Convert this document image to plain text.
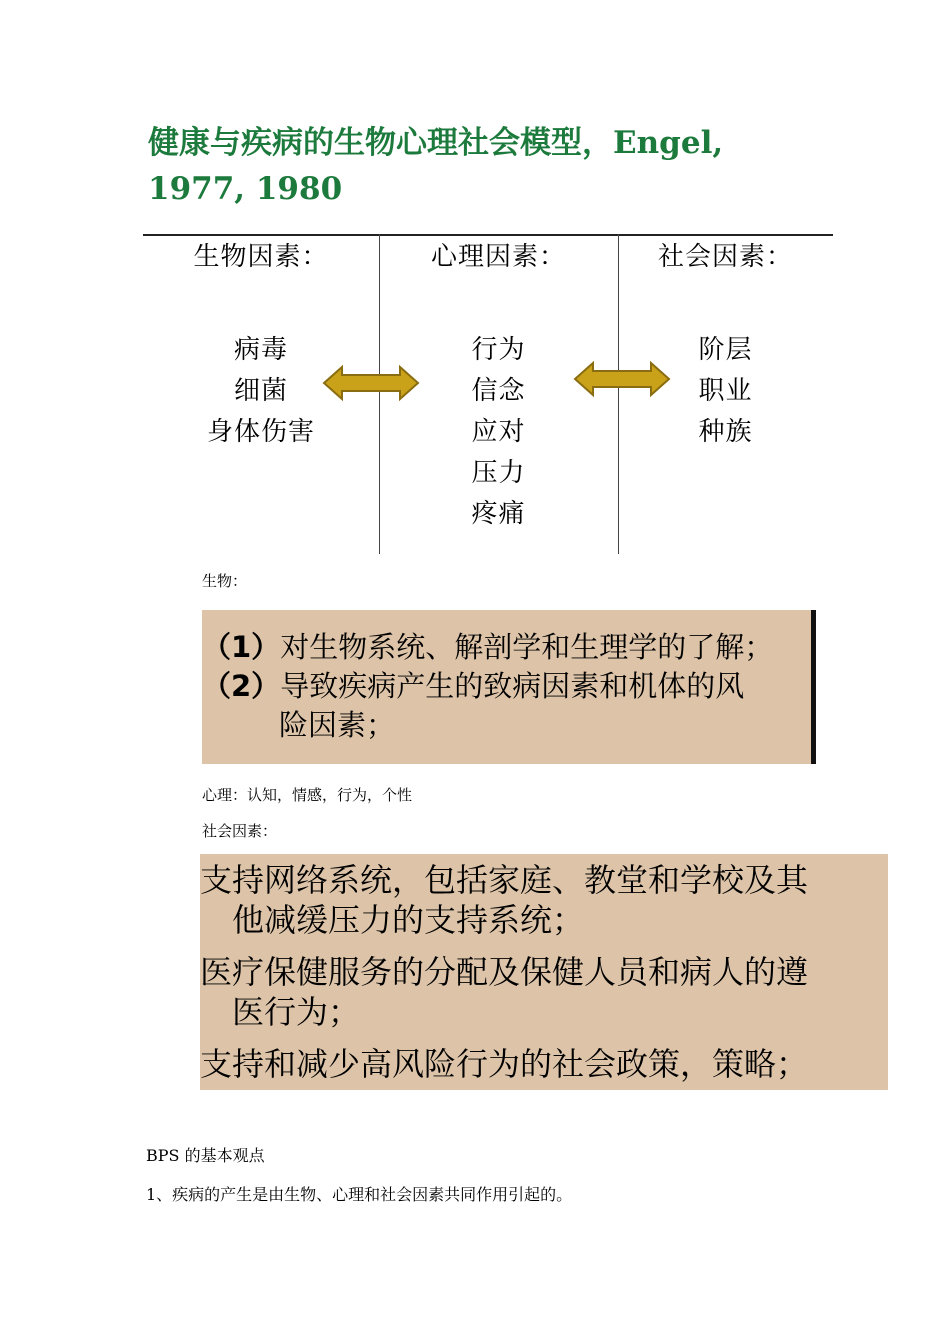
健康与疾病的生物心理社会模型，Engel,
1977, 1980
生物因素：
病毒
细菌
身体伤害
心理因素：
行为
信念
应对
压力
疼痛
社会因素：
阶层
职业
种族
生物：
（1）对生物系统、解剖学和生理学的了解；
（2）导致疾病产生的致病因素和机体的风
险因素；
心理：认知，情感，行为，个性
社会因素：
支持网络系统，包括家庭、教堂和学校及其
他减缓压力的支持系统；
医疗保健服务的分配及保健人员和病人的遵
医行为；
支持和减少高风险行为的社会政策，策略；
BPS 的基本观点
1、疾病的产生是由生物、心理和社会因素共同作用引起的。
